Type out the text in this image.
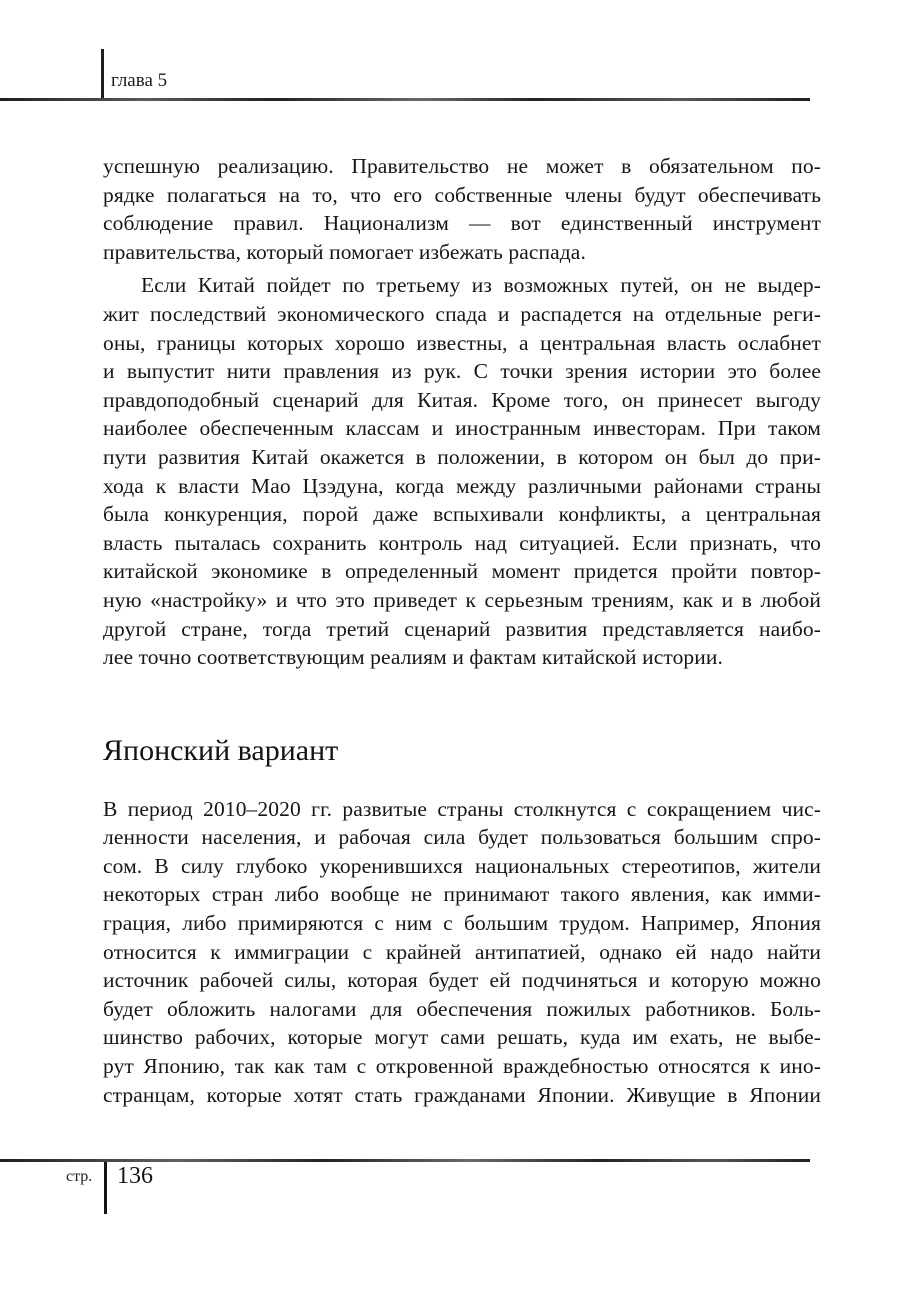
глава 5
успешную реализацию. Правительство не может в обязательном по-
рядке полагаться на то, что его собственные члены будут обеспечивать
соблюдение правил. Национализм — вот единственный инструмент
правительства, который помогает избежать распада.
Если Китай пойдет по третьему из возможных путей, он не выдер-
жит последствий экономического спада и распадется на отдельные реги-
оны, границы которых хорошо известны, а центральная власть ослабнет
и выпустит нити правления из рук. С точки зрения истории это более
правдоподобный сценарий для Китая. Кроме того, он принесет выгоду
наиболее обеспеченным классам и иностранным инвесторам. При таком
пути развития Китай окажется в положении, в котором он был до при-
хода к власти Мао Цзэдуна, когда между различными районами страны
была конкуренция, порой даже вспыхивали конфликты, а центральная
власть пыталась сохранить контроль над ситуацией. Если признать, что
китайской экономике в определенный момент придется пройти повтор-
ную «настройку» и что это приведет к серьезным трениям, как и в любой
другой стране, тогда третий сценарий развития представляется наибо-
лее точно соответствующим реалиям и фактам китайской истории.
Японский вариант
В период 2010–2020 гг. развитые страны столкнутся с сокращением чис-
ленности населения, и рабочая сила будет пользоваться большим спро-
сом. В силу глубоко укоренившихся национальных стереотипов, жители
некоторых стран либо вообще не принимают такого явления, как имми-
грация, либо примиряются с ним с большим трудом. Например, Япония
относится к иммиграции с крайней антипатией, однако ей надо найти
источник рабочей силы, которая будет ей подчиняться и которую можно
будет обложить налогами для обеспечения пожилых работников. Боль-
шинство рабочих, которые могут сами решать, куда им ехать, не выбе-
рут Японию, так как там с откровенной враждебностью относятся к ино-
странцам, которые хотят стать гражданами Японии. Живущие в Японии
стр. 136
